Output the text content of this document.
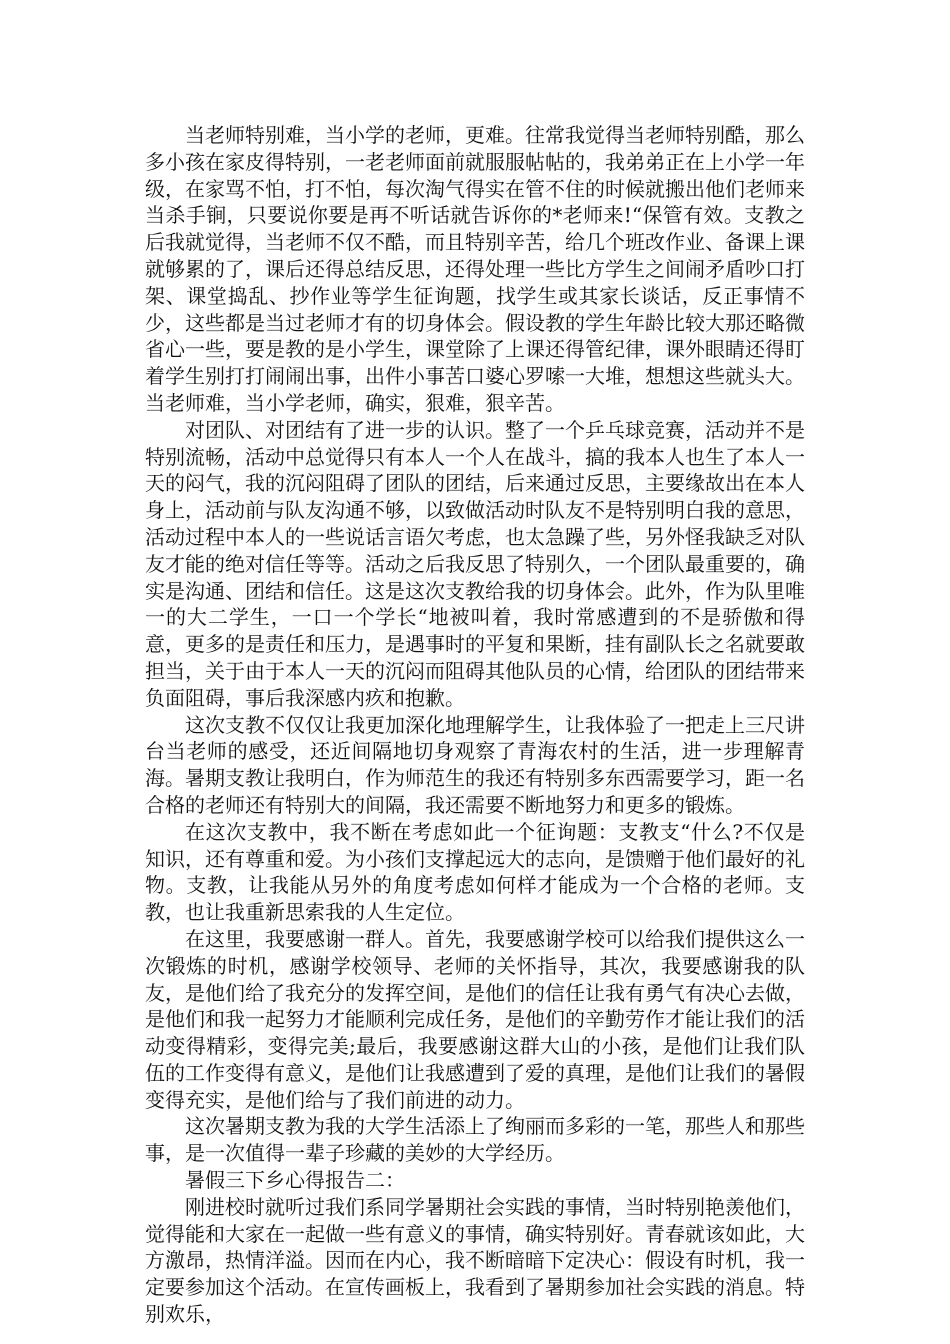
当老师特别难，当小学的老师，更难。往常我觉得当老师特别酷，那么多小孩在家皮得特别，一老老师面前就服服帖帖的，我弟弟正在上小学一年级，在家骂不怕，打不怕，每次淘气得实在管不住的时候就搬出他们老师来当杀手锏，只要说你要是再不听话就告诉你的*老师来!“保管有效。支教之后我就觉得，当老师不仅不酷，而且特别辛苦，给几个班改作业、备课上课就够累的了，课后还得总结反思，还得处理一些比方学生之间闹矛盾吵口打架、课堂捣乱、抄作业等学生征询题，找学生或其家长谈话，反正事情不少，这些都是当过老师才有的切身体会。假设教的学生年龄比较大那还略微省心一些，要是教的是小学生，课堂除了上课还得管纪律，课外眼睛还得盯着学生别打打闹闹出事，出件小事苦口婆心罗嗦一大堆，想想这些就头大。当老师难，当小学老师，确实，狠难，狠辛苦。

对团队、对团结有了进一步的认识。整了一个乒乓球竞赛，活动并不是特别流畅，活动中总觉得只有本人一个人在战斗，搞的我本人也生了本人一天的闷气，我的沉闷阻碍了团队的团结，后来通过反思，主要缘故出在本人身上，活动前与队友沟通不够，以致做活动时队友不是特别明白我的意思，活动过程中本人的一些说话言语欠考虑，也太急躁了些，另外怪我缺乏对队友才能的绝对信任等等。活动之后我反思了特别久，一个团队最重要的，确实是沟通、团结和信任。这是这次支教给我的切身体会。此外，作为队里唯一的大二学生，一口一个学长“地被叫着，我时常感遭到的不是骄傲和得意，更多的是责任和压力，是遇事时的平复和果断，挂有副队长之名就要敢担当，关于由于本人一天的沉闷而阻碍其他队员的心情，给团队的团结带来负面阻碍，事后我深感内疚和抱歉。

这次支教不仅仅让我更加深化地理解学生，让我体验了一把走上三尺讲台当老师的感受，还近间隔地切身观察了青海农村的生活，进一步理解青海。暑期支教让我明白，作为师范生的我还有特别多东西需要学习，距一名合格的老师还有特别大的间隔，我还需要不断地努力和更多的锻炼。

在这次支教中，我不断在考虑如此一个征询题：支教支“什么?不仅是知识，还有尊重和爱。为小孩们支撑起远大的志向，是馈赠于他们最好的礼物。支教，让我能从另外的角度考虑如何样才能成为一个合格的老师。支教，也让我重新思索我的人生定位。

在这里，我要感谢一群人。首先，我要感谢学校可以给我们提供这么一次锻炼的时机，感谢学校领导、老师的关怀指导，其次，我要感谢我的队友，是他们给了我充分的发挥空间，是他们的信任让我有勇气有决心去做，是他们和我一起努力才能顺利完成任务，是他们的辛勤劳作才能让我们的活动变得精彩，变得完美;最后，我要感谢这群大山的小孩，是他们让我们队伍的工作变得有意义，是他们让我感遭到了爱的真理，是他们让我们的暑假变得充实，是他们给与了我们前进的动力。

这次暑期支教为我的大学生活添上了绚丽而多彩的一笔，那些人和那些事，是一次值得一辈子珍藏的美妙的大学经历。

暑假三下乡心得报告二：

刚进校时就听过我们系同学暑期社会实践的事情，当时特别艳羡他们，觉得能和大家在一起做一些有意义的事情，确实特别好。青春就该如此，大方激昂，热情洋溢。因而在内心，我不断暗暗下定决心：假设有时机，我一定要参加这个活动。在宣传画板上，我看到了暑期参加社会实践的消息。特别欢乐，
